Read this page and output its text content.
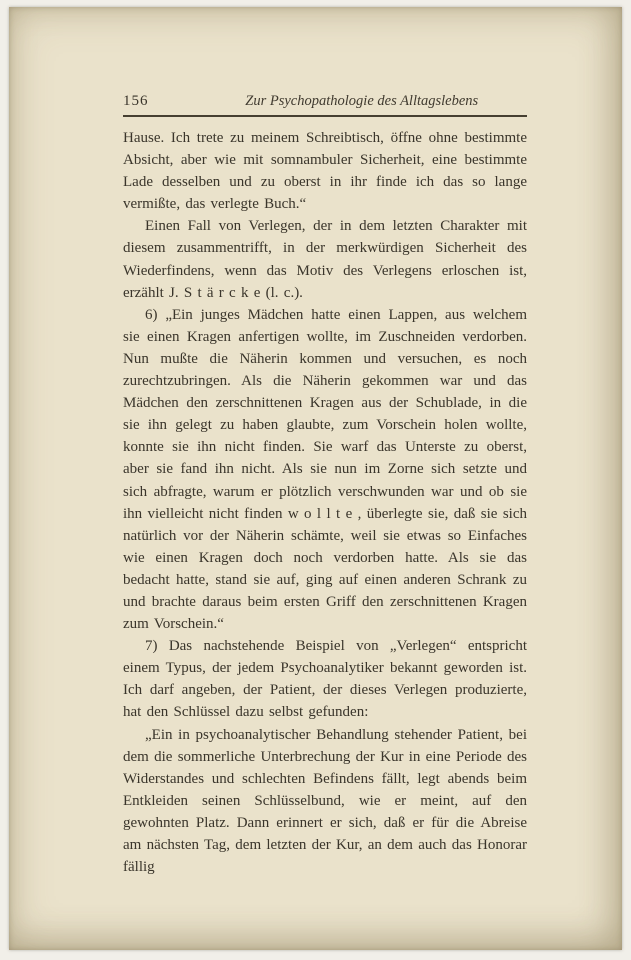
156	Zur Psychopathologie des Alltagslebens

Hause. Ich trete zu meinem Schreibtisch, öffne ohne bestimmte Absicht, aber wie mit somnambuler Sicherheit, eine bestimmte Lade desselben und zu oberst in ihr finde ich das so lange vermißte, das verlegte Buch.“

Einen Fall von Verlegen, der in dem letzten Charakter mit diesem zusammentrifft, in der merkwürdigen Sicherheit des Wiederfindens, wenn das Motiv des Verlegens erloschen ist, erzählt J. S t ä r c k e (l. c.).

6) „Ein junges Mädchen hatte einen Lappen, aus welchem sie einen Kragen anfertigen wollte, im Zuschneiden verdorben. Nun mußte die Näherin kommen und versuchen, es noch zurechtzubringen. Als die Näherin gekommen war und das Mädchen den zerschnittenen Kragen aus der Schublade, in die sie ihn gelegt zu haben glaubte, zum Vorschein holen wollte, konnte sie ihn nicht finden. Sie warf das Unterste zu oberst, aber sie fand ihn nicht. Als sie nun im Zorne sich setzte und sich abfragte, warum er plötzlich verschwunden war und ob sie ihn vielleicht nicht finden w o l l t e , überlegte sie, daß sie sich natürlich vor der Näherin schämte, weil sie etwas so Einfaches wie einen Kragen doch noch verdorben hatte. Als sie das bedacht hatte, stand sie auf, ging auf einen anderen Schrank zu und brachte daraus beim ersten Griff den zerschnittenen Kragen zum Vorschein.“

7) Das nachstehende Beispiel von „Verlegen“ entspricht einem Typus, der jedem Psychoanalytiker bekannt geworden ist. Ich darf angeben, der Patient, der dieses Verlegen produzierte, hat den Schlüssel dazu selbst gefunden:

„Ein in psychoanalytischer Behandlung stehender Patient, bei dem die sommerliche Unterbrechung der Kur in eine Periode des Widerstandes und schlechten Befindens fällt, legt abends beim Entkleiden seinen Schlüsselbund, wie er meint, auf den gewohnten Platz. Dann erinnert er sich, daß er für die Abreise am nächsten Tag, dem letzten der Kur, an dem auch das Honorar fällig
